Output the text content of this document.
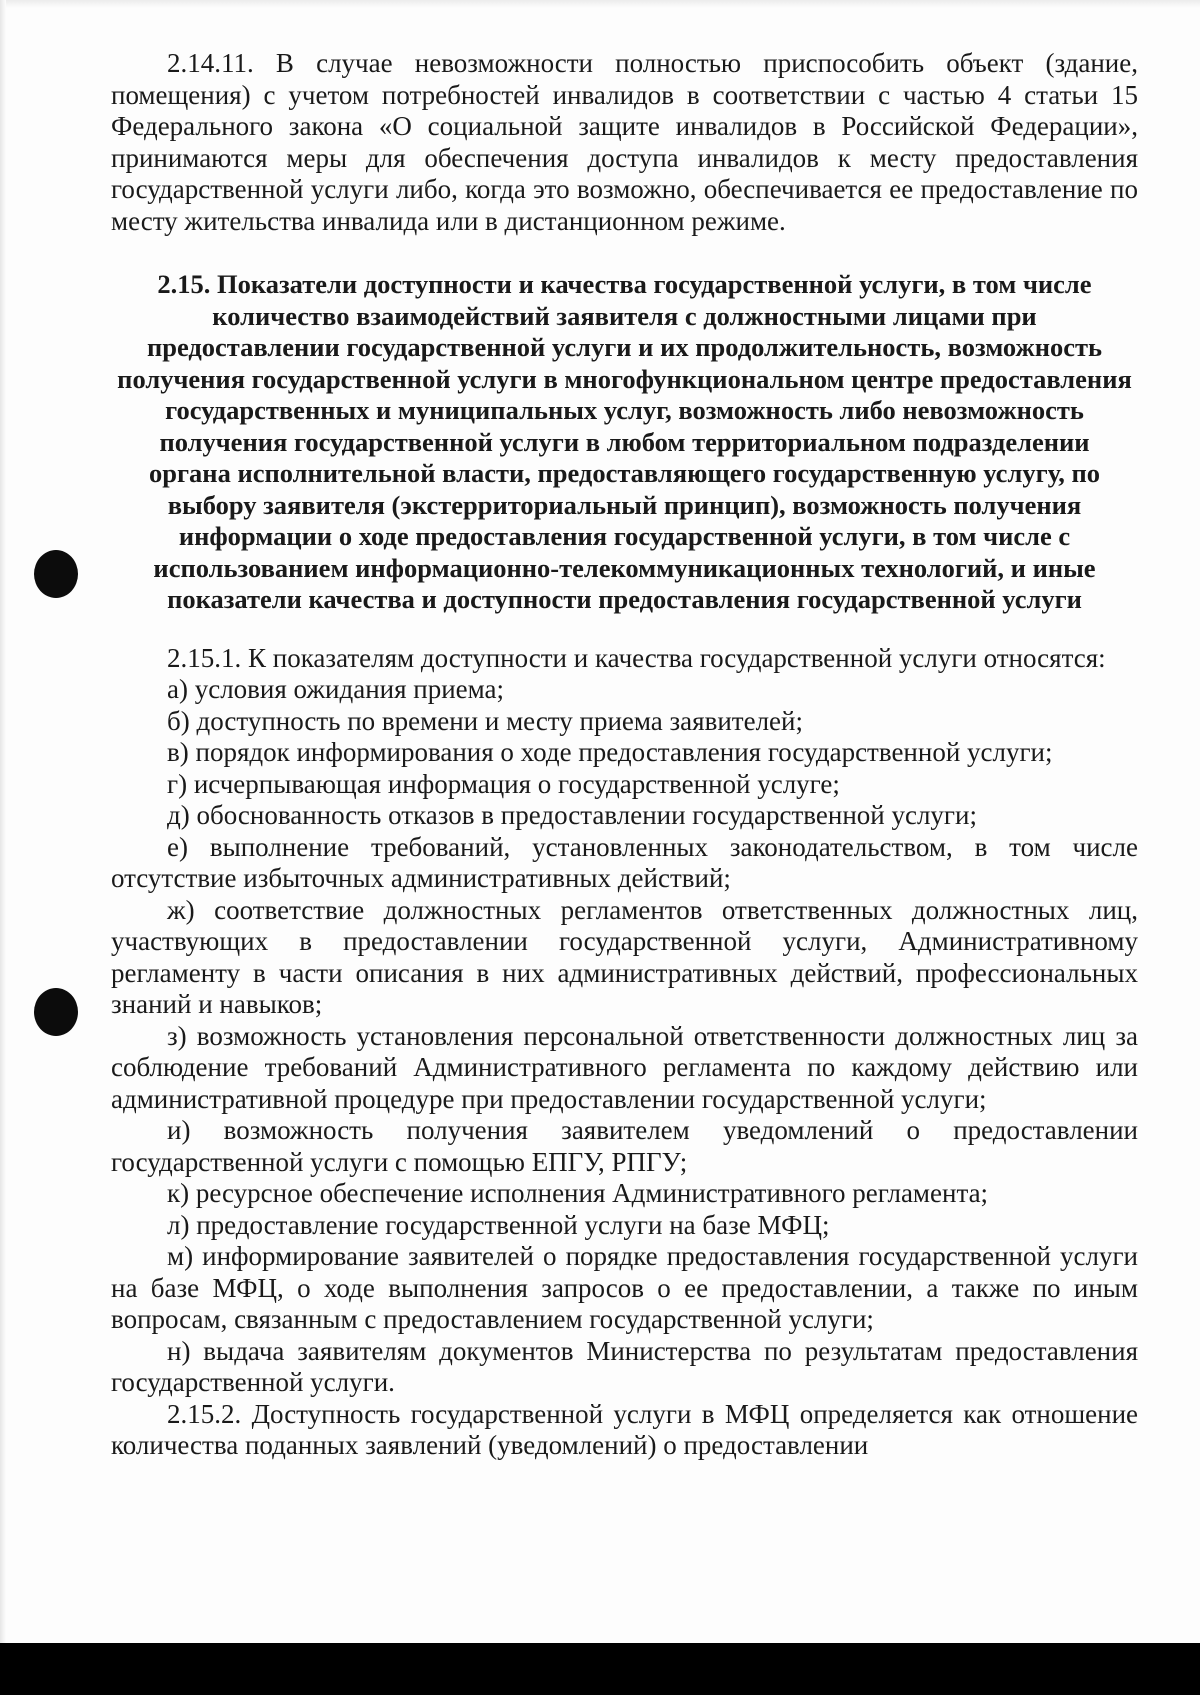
2.14.11. В случае невозможности полностью приспособить объект (здание, помещения) с учетом потребностей инвалидов в соответствии с частью 4 статьи 15 Федерального закона «О социальной защите инвалидов в Российской Федерации», принимаются меры для обеспечения доступа инвалидов к месту предоставления государственной услуги либо, когда это возможно, обеспечивается ее предоставление по месту жительства инвалида или в дистанционном режиме.

2.15. Показатели доступности и качества государственной услуги, в том числе количество взаимодействий заявителя с должностными лицами при предоставлении государственной услуги и их продолжительность, возможность получения государственной услуги в многофункциональном центре предоставления государственных и муниципальных услуг, возможность либо невозможность получения государственной услуги в любом территориальном подразделении органа исполнительной власти, предоставляющего государственную услугу, по выбору заявителя (экстерриториальный принцип), возможность получения информации о ходе предоставления государственной услуги, в том числе с использованием информационно-телекоммуникационных технологий, и иные показатели качества и доступности предоставления государственной услуги

2.15.1. К показателям доступности и качества государственной услуги относятся:

а) условия ожидания приема;

б) доступность по времени и месту приема заявителей;

в) порядок информирования о ходе предоставления государственной услуги;

г) исчерпывающая информация о государственной услуге;

д) обоснованность отказов в предоставлении государственной услуги;

е) выполнение требований, установленных законодательством, в том числе отсутствие избыточных административных действий;

ж) соответствие должностных регламентов ответственных должностных лиц, участвующих в предоставлении государственной услуги, Административному регламенту в части описания в них административных действий, профессиональных знаний и навыков;

з) возможность установления персональной ответственности должностных лиц за соблюдение требований Административного регламента по каждому действию или административной процедуре при предоставлении государственной услуги;

и) возможность получения заявителем уведомлений о предоставлении государственной услуги с помощью ЕПГУ, РПГУ;

к) ресурсное обеспечение исполнения Административного регламента;

л) предоставление государственной услуги на базе МФЦ;

м) информирование заявителей о порядке предоставления государственной услуги на базе МФЦ, о ходе выполнения запросов о ее предоставлении, а также по иным вопросам, связанным с предоставлением государственной услуги;

н) выдача заявителям документов Министерства по результатам предоставления государственной услуги.

2.15.2. Доступность государственной услуги в МФЦ определяется как отношение количества поданных заявлений (уведомлений) о предоставлении
